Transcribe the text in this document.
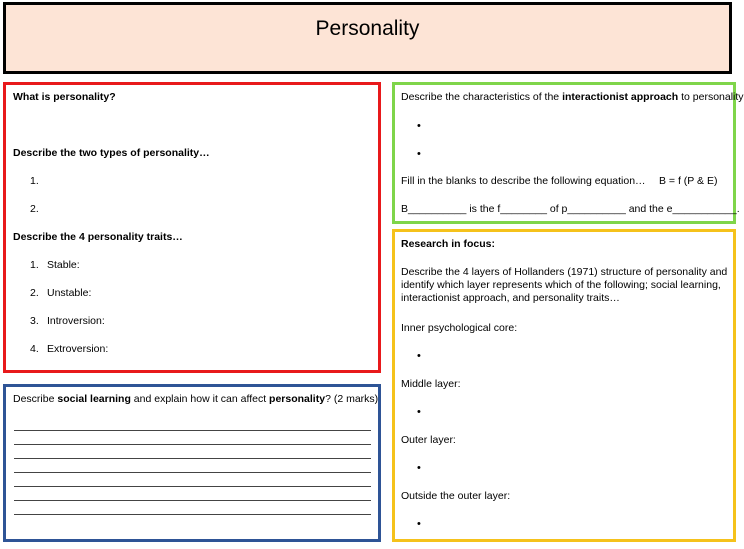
Personality
What is personality?
Describe the two types of personality…
1.
2.
Describe the 4 personality traits…
1. Stable:
2. Unstable:
3. Introversion:
4. Extroversion:
Describe social learning and explain how it can affect personality? (2 marks)
Describe the characteristics of the interactionist approach to personality
•
•
Fill in the blanks to describe the following equation… B = f (P & E)
B__________ is the f________ of p__________ and the e___________.
Research in focus:
Describe the 4 layers of Hollanders (1971) structure of personality and identify which layer represents which of the following; social learning, interactionist approach, and personality traits…
Inner psychological core:
•
Middle layer:
•
Outer layer:
•
Outside the outer layer:
•
